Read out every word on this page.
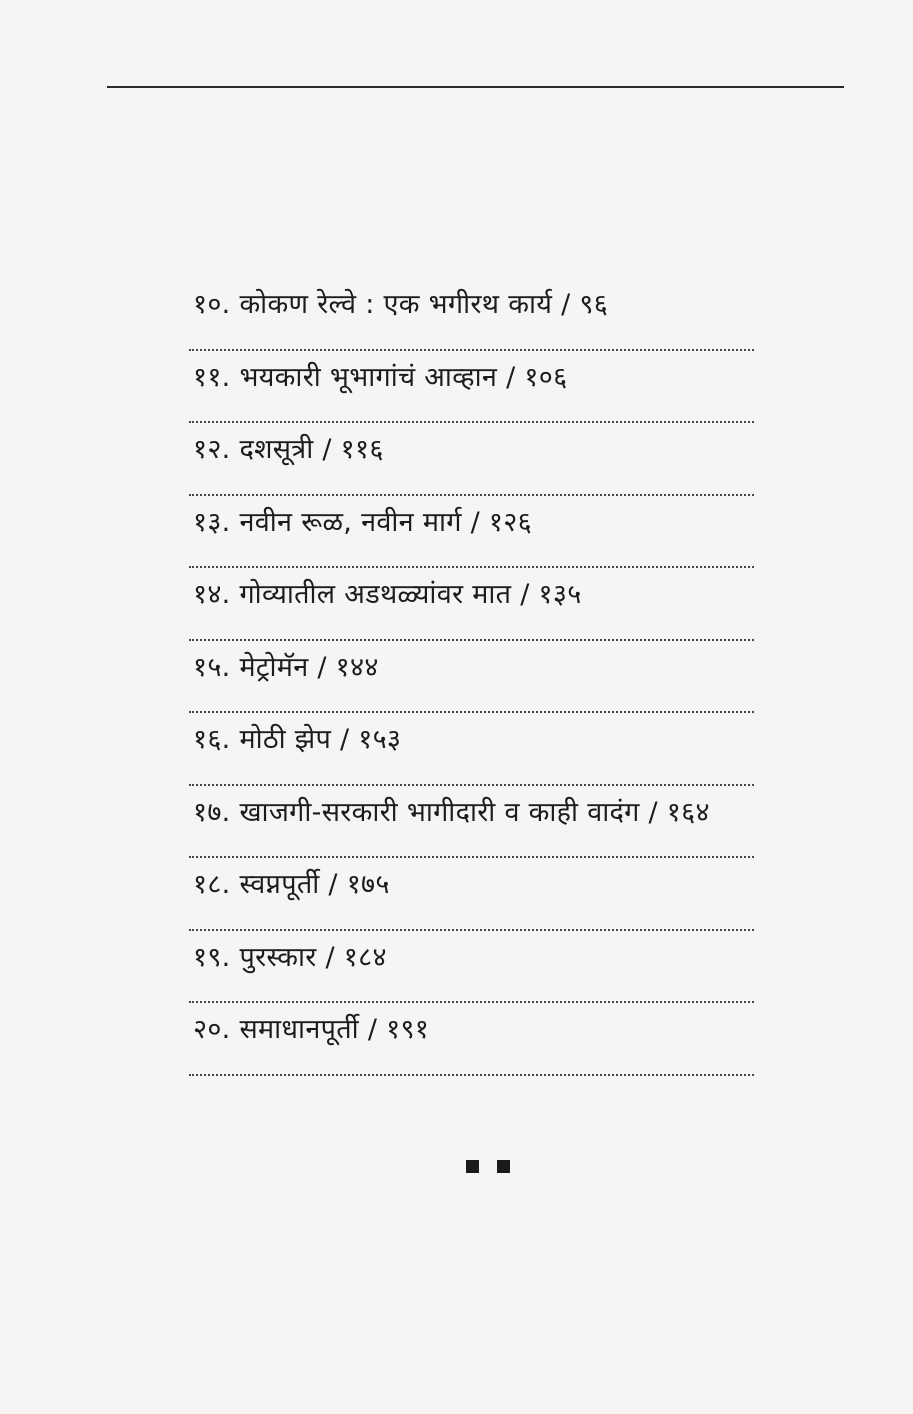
१०. कोकण रेल्वे : एक भगीरथ कार्य / ९६
११. भयकारी भूभागांचं आव्हान / १०६
१२. दशसूत्री / ११६
१३. नवीन रूळ, नवीन मार्ग / १२६
१४. गोव्यातील अडथळ्यांवर मात / १३५
१५. मेट्रोमॅन / १४४
१६. मोठी झेप / १५३
१७. खाजगी-सरकारी भागीदारी व काही वादंग / १६४
१८. स्वप्नपूर्ती / १७५
१९. पुरस्कार / १८४
२०. समाधानपूर्ती / १९१
